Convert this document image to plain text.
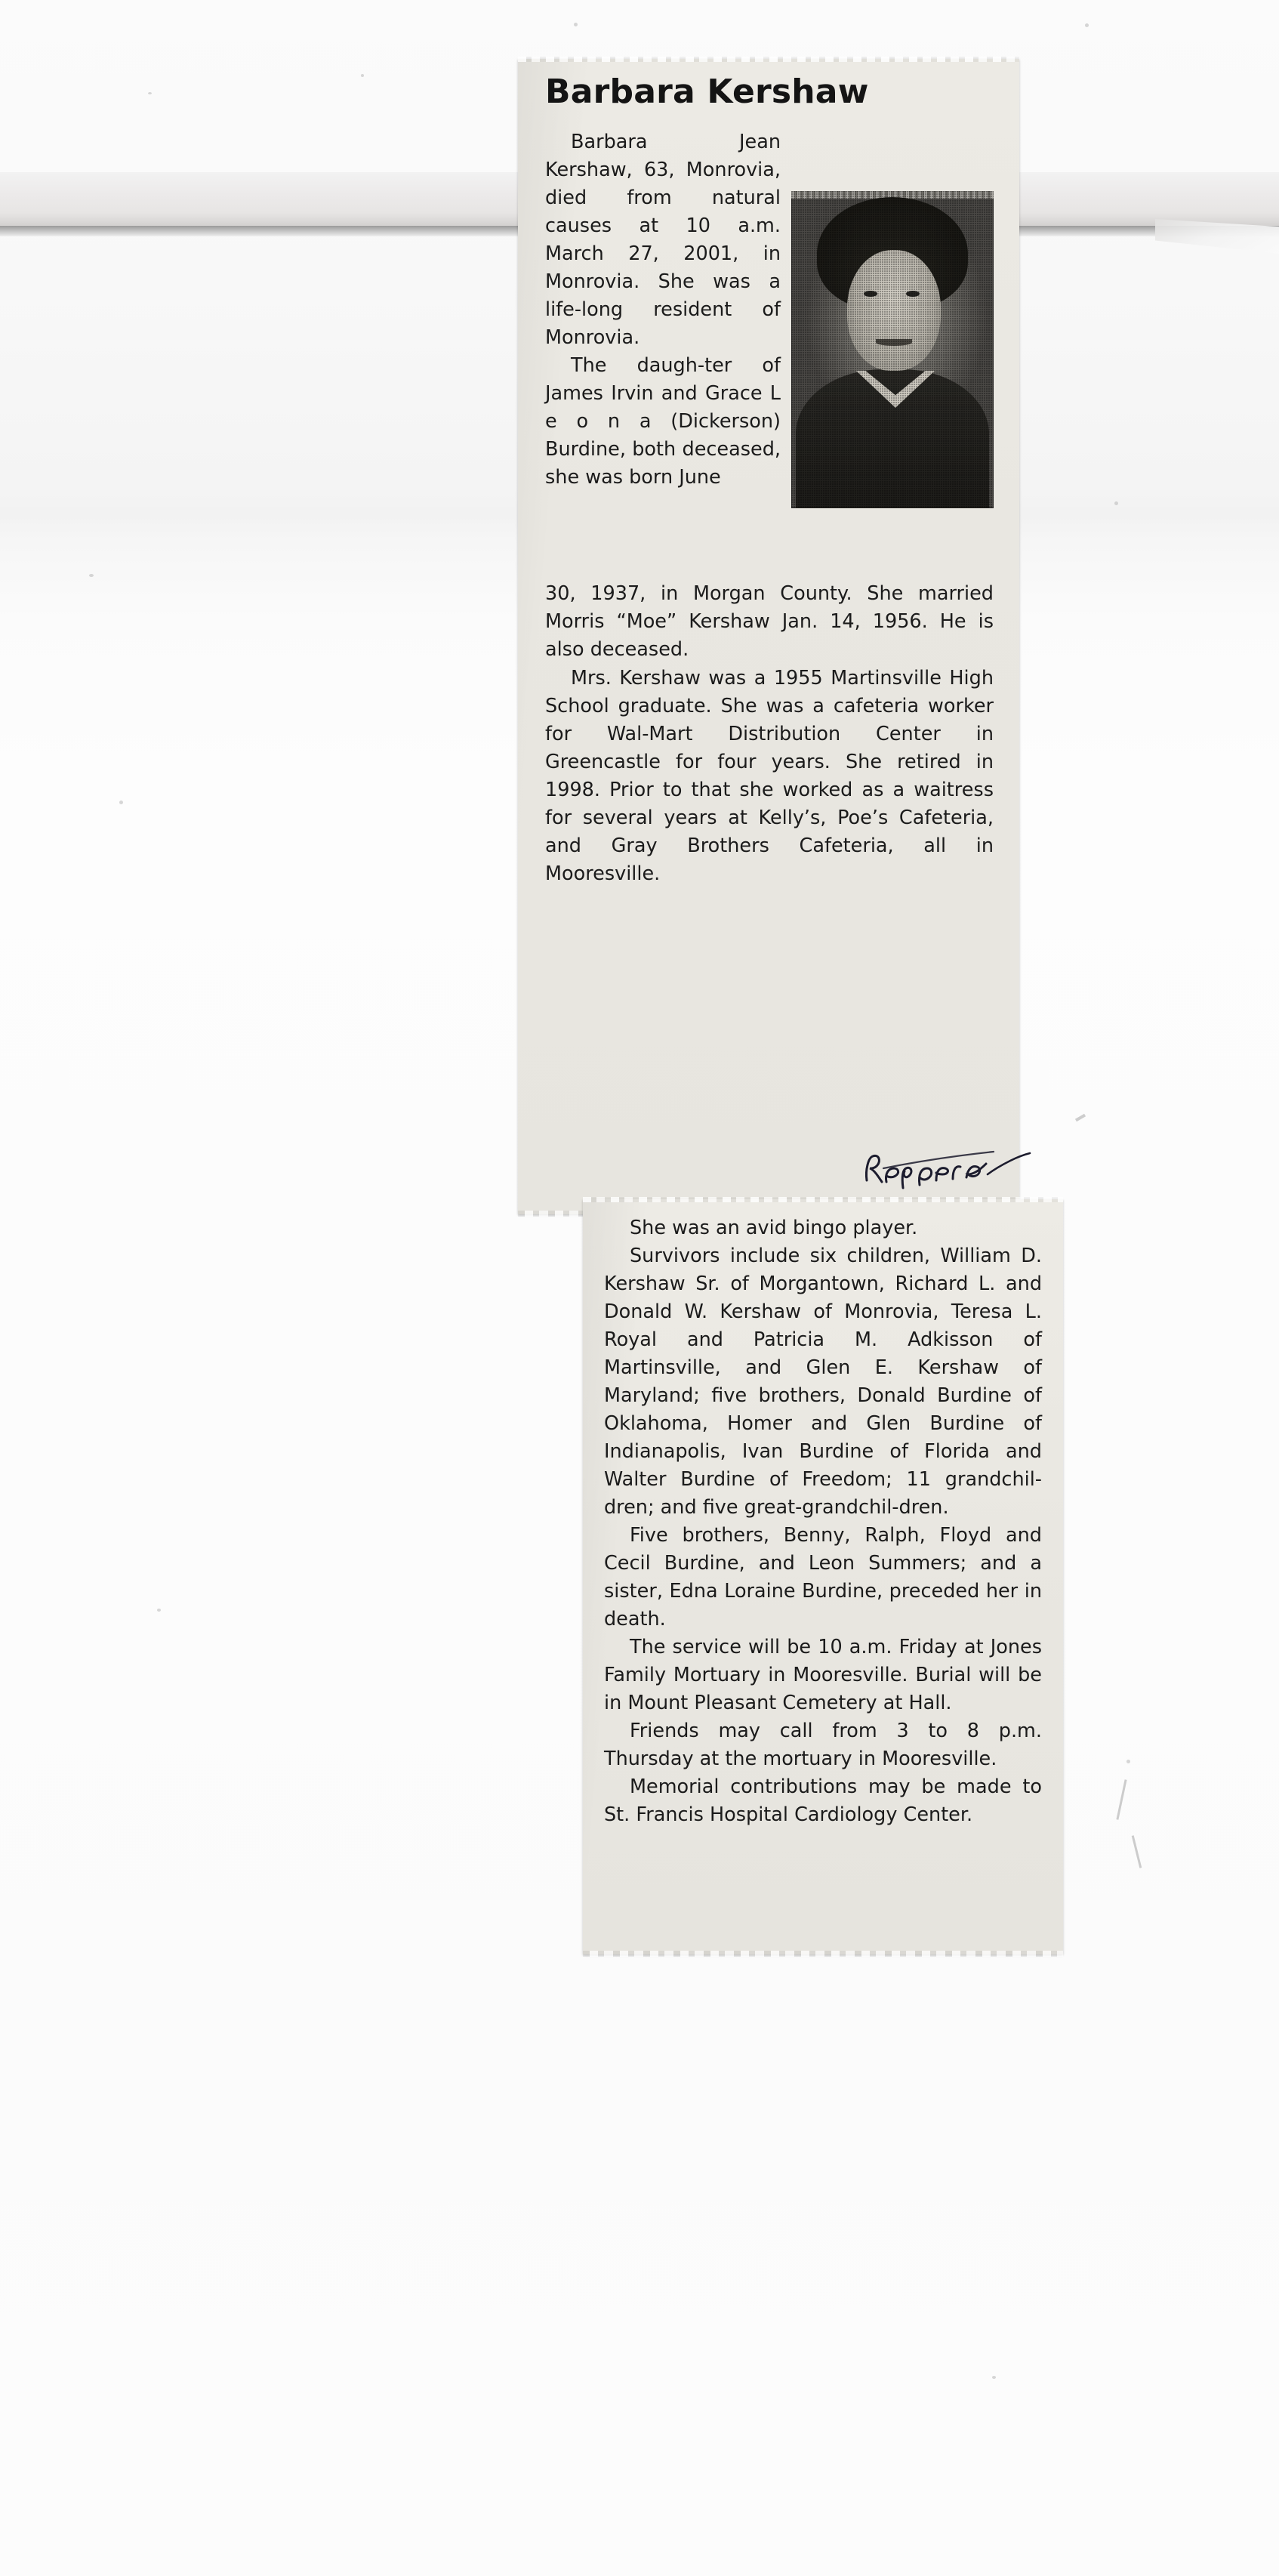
Barbara Kershaw

Barbara Jean Kershaw, 63, Monrovia, died from natural causes at 10 a.m. March 27, 2001, in Monrovia. She was a life-long resident of Monrovia.

The daugh-ter of James Irvin and Grace L e o n a (Dickerson) Burdine, both deceased, she was born June

30, 1937, in Morgan County. She married Morris “Moe” Kershaw Jan. 14, 1956. He is also deceased.

Mrs. Kershaw was a 1955 Martinsville High School graduate. She was a cafeteria worker for Wal-Mart Distribution Center in Greencastle for four years. She retired in 1998. Prior to that she worked as a waitress for several years at Kelly’s, Poe’s Cafeteria, and Gray Brothers Cafeteria, all in Mooresville.

She was an avid bingo player.

Survivors include six children, William D. Kershaw Sr. of Morgantown, Richard L. and Donald W. Kershaw of Monrovia, Teresa L. Royal and Patricia M. Adkisson of Martinsville, and Glen E. Kershaw of Maryland; five brothers, Donald Burdine of Oklahoma, Homer and Glen Burdine of Indianapolis, Ivan Burdine of Florida and Walter Burdine of Freedom; 11 grandchil-dren; and five great-grandchil-dren.

Five brothers, Benny, Ralph, Floyd and Cecil Burdine, and Leon Summers; and a sister, Edna Loraine Burdine, preceded her in death.

The service will be 10 a.m. Friday at Jones Family Mortuary in Mooresville. Burial will be in Mount Pleasant Cemetery at Hall.

Friends may call from 3 to 8 p.m. Thursday at the mortuary in Mooresville.

Memorial contributions may be made to St. Francis Hospital Cardiology Center.
